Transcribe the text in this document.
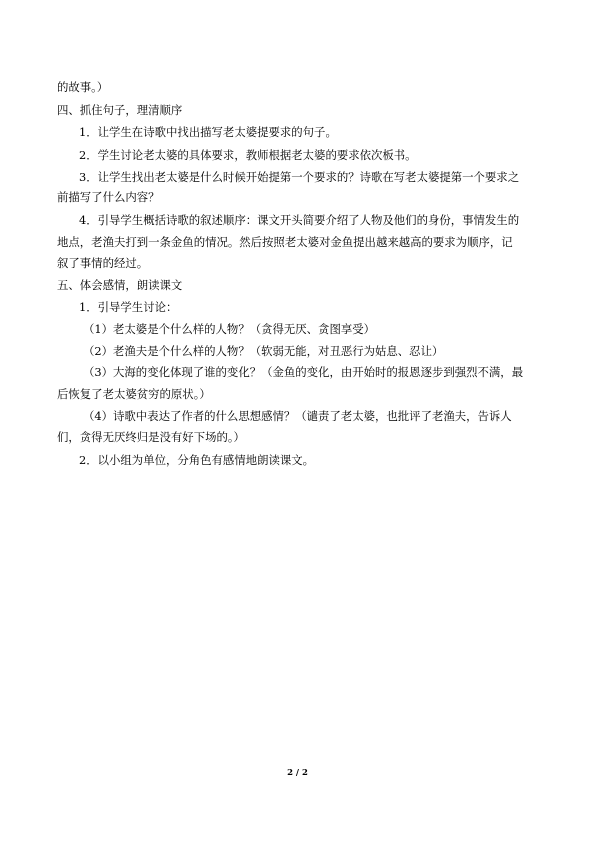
的故事。）
四、抓住句子，理清顺序
1．让学生在诗歌中找出描写老太婆提要求的句子。
2．学生讨论老太婆的具体要求，教师根据老太婆的要求依次板书。
3．让学生找出老太婆是什么时候开始提第一个要求的？诗歌在写老太婆提第一个要求之
前描写了什么内容？
4．引导学生概括诗歌的叙述顺序：课文开头简要介绍了人物及他们的身份，事情发生的
地点，老渔夫打到一条金鱼的情况。然后按照老太婆对金鱼提出越来越高的要求为顺序，记
叙了事情的经过。
五、体会感情，朗读课文
1．引导学生讨论：
（1）老太婆是个什么样的人物？（贪得无厌、贪图享受）
（2）老渔夫是个什么样的人物？（软弱无能，对丑恶行为姑息、忍让）
（3）大海的变化体现了谁的变化？（金鱼的变化，由开始时的报恩逐步到强烈不满，最
后恢复了老太婆贫穷的原状。）
（4）诗歌中表达了作者的什么思想感情？（谴责了老太婆，也批评了老渔夫，告诉人
们，贪得无厌终归是没有好下场的。）
2．以小组为单位，分角色有感情地朗读课文。
2 / 2
